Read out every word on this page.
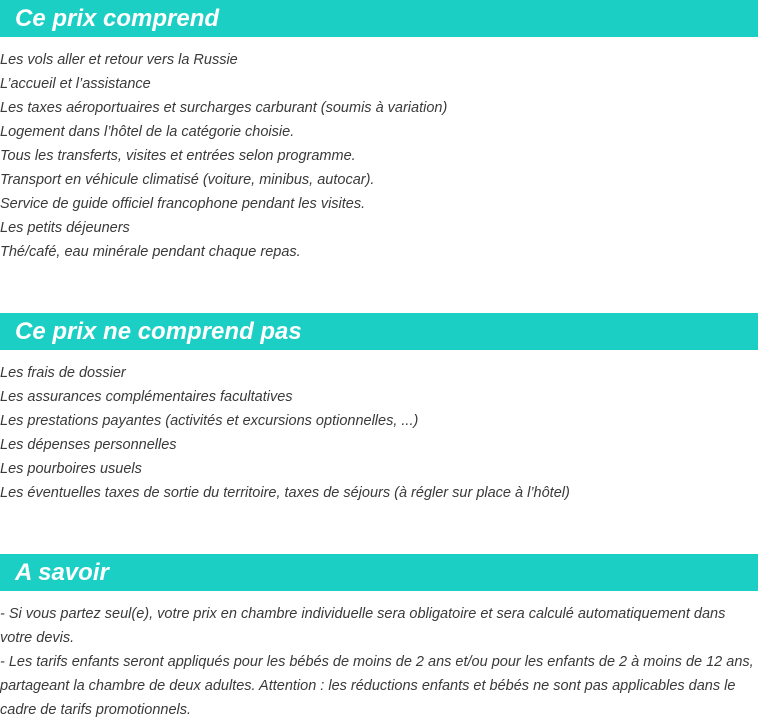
Ce prix comprend
Les vols aller et retour vers la Russie
L’accueil et l’assistance
Les taxes aéroportuaires et surcharges carburant (soumis à variation)
Logement dans l’hôtel de la catégorie choisie.
Tous les transferts, visites et entrées selon programme.
Transport en véhicule climatisé (voiture, minibus, autocar).
Service de guide officiel francophone pendant les visites.
Les petits déjeuners
Thé/café, eau minérale pendant chaque repas.
Ce prix ne comprend pas
Les frais de dossier
Les assurances complémentaires facultatives
Les prestations payantes (activités et excursions optionnelles, ...)
Les dépenses personnelles
Les pourboires usuels
Les éventuelles taxes de sortie du territoire, taxes de séjours (à régler sur place à l’hôtel)
A savoir

- Si vous partez seul(e), votre prix en chambre individuelle sera obligatoire et sera calculé automatiquement dans votre devis.

- Les tarifs enfants seront appliqués pour les bébés de moins de 2 ans et/ou pour les enfants de 2 à moins de 12 ans, partageant la chambre de deux adultes. Attention : les réductions enfants et bébés ne sont pas applicables dans le cadre de tarifs promotionnels.
